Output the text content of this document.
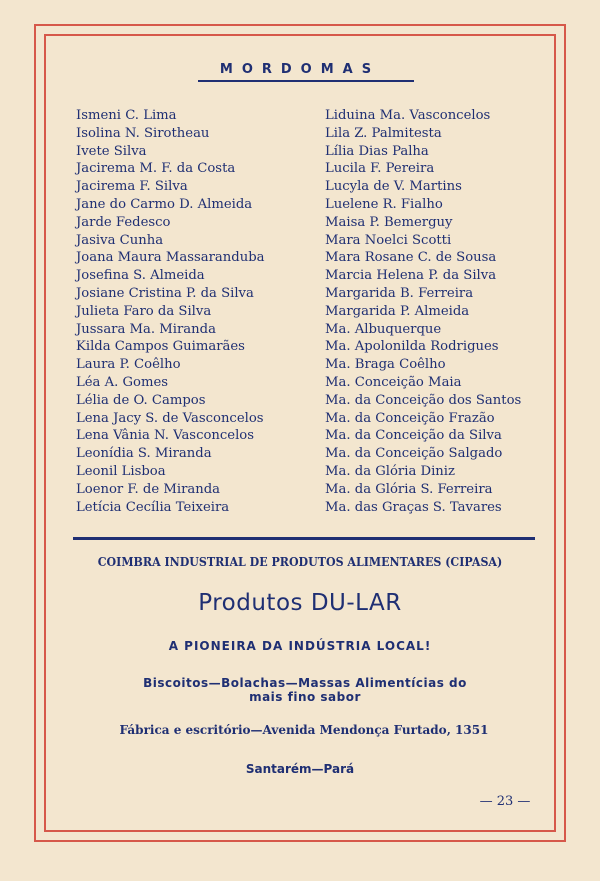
MORDOMAS
Ismeni C. Lima
Isolina N. Sirotheau
Ivete Silva
Jacirema M. F. da Costa
Jacirema F. Silva
Jane do Carmo D. Almeida
Jarde Fedesco
Jasiva Cunha
Joana Maura Massaranduba
Josefina S. Almeida
Josiane Cristina P. da Silva
Julieta Faro da Silva
Jussara Ma. Miranda
Kilda Campos Guimarães
Laura P. Coêlho
Léa A. Gomes
Lélia de O. Campos
Lena Jacy S. de Vasconcelos
Lena Vânia N. Vasconcelos
Leonídia S. Miranda
Leonil Lisboa
Loenor F. de Miranda
Letícia Cecília Teixeira
Liduina Ma. Vasconcelos
Lila Z. Palmitesta
Lília Dias Palha
Lucila F. Pereira
Lucyla de V. Martins
Luelene R. Fialho
Maisa P. Bemerguy
Mara Noelci Scotti
Mara Rosane C. de Sousa
Marcia Helena P. da Silva
Margarida B. Ferreira
Margarida P. Almeida
Ma. Albuquerque
Ma. Apolonilda Rodrigues
Ma. Braga Coêlho
Ma. Conceição Maia
Ma. da Conceição dos Santos
Ma. da Conceição Frazão
Ma. da Conceição da Silva
Ma. da Conceição Salgado
Ma. da Glória Diniz
Ma. da Glória S. Ferreira
Ma. das Graças S. Tavares
COIMBRA INDUSTRIAL DE PRODUTOS ALIMENTARES (CIPASA)
Produtos DU-LAR
A PIONEIRA DA INDÚSTRIA LOCAL!
Biscoitos—Bolachas—Massas Alimentícias do
mais fino sabor
Fábrica e escritório—Avenida Mendonça Furtado, 1351
Santarém—Pará
— 23 —
